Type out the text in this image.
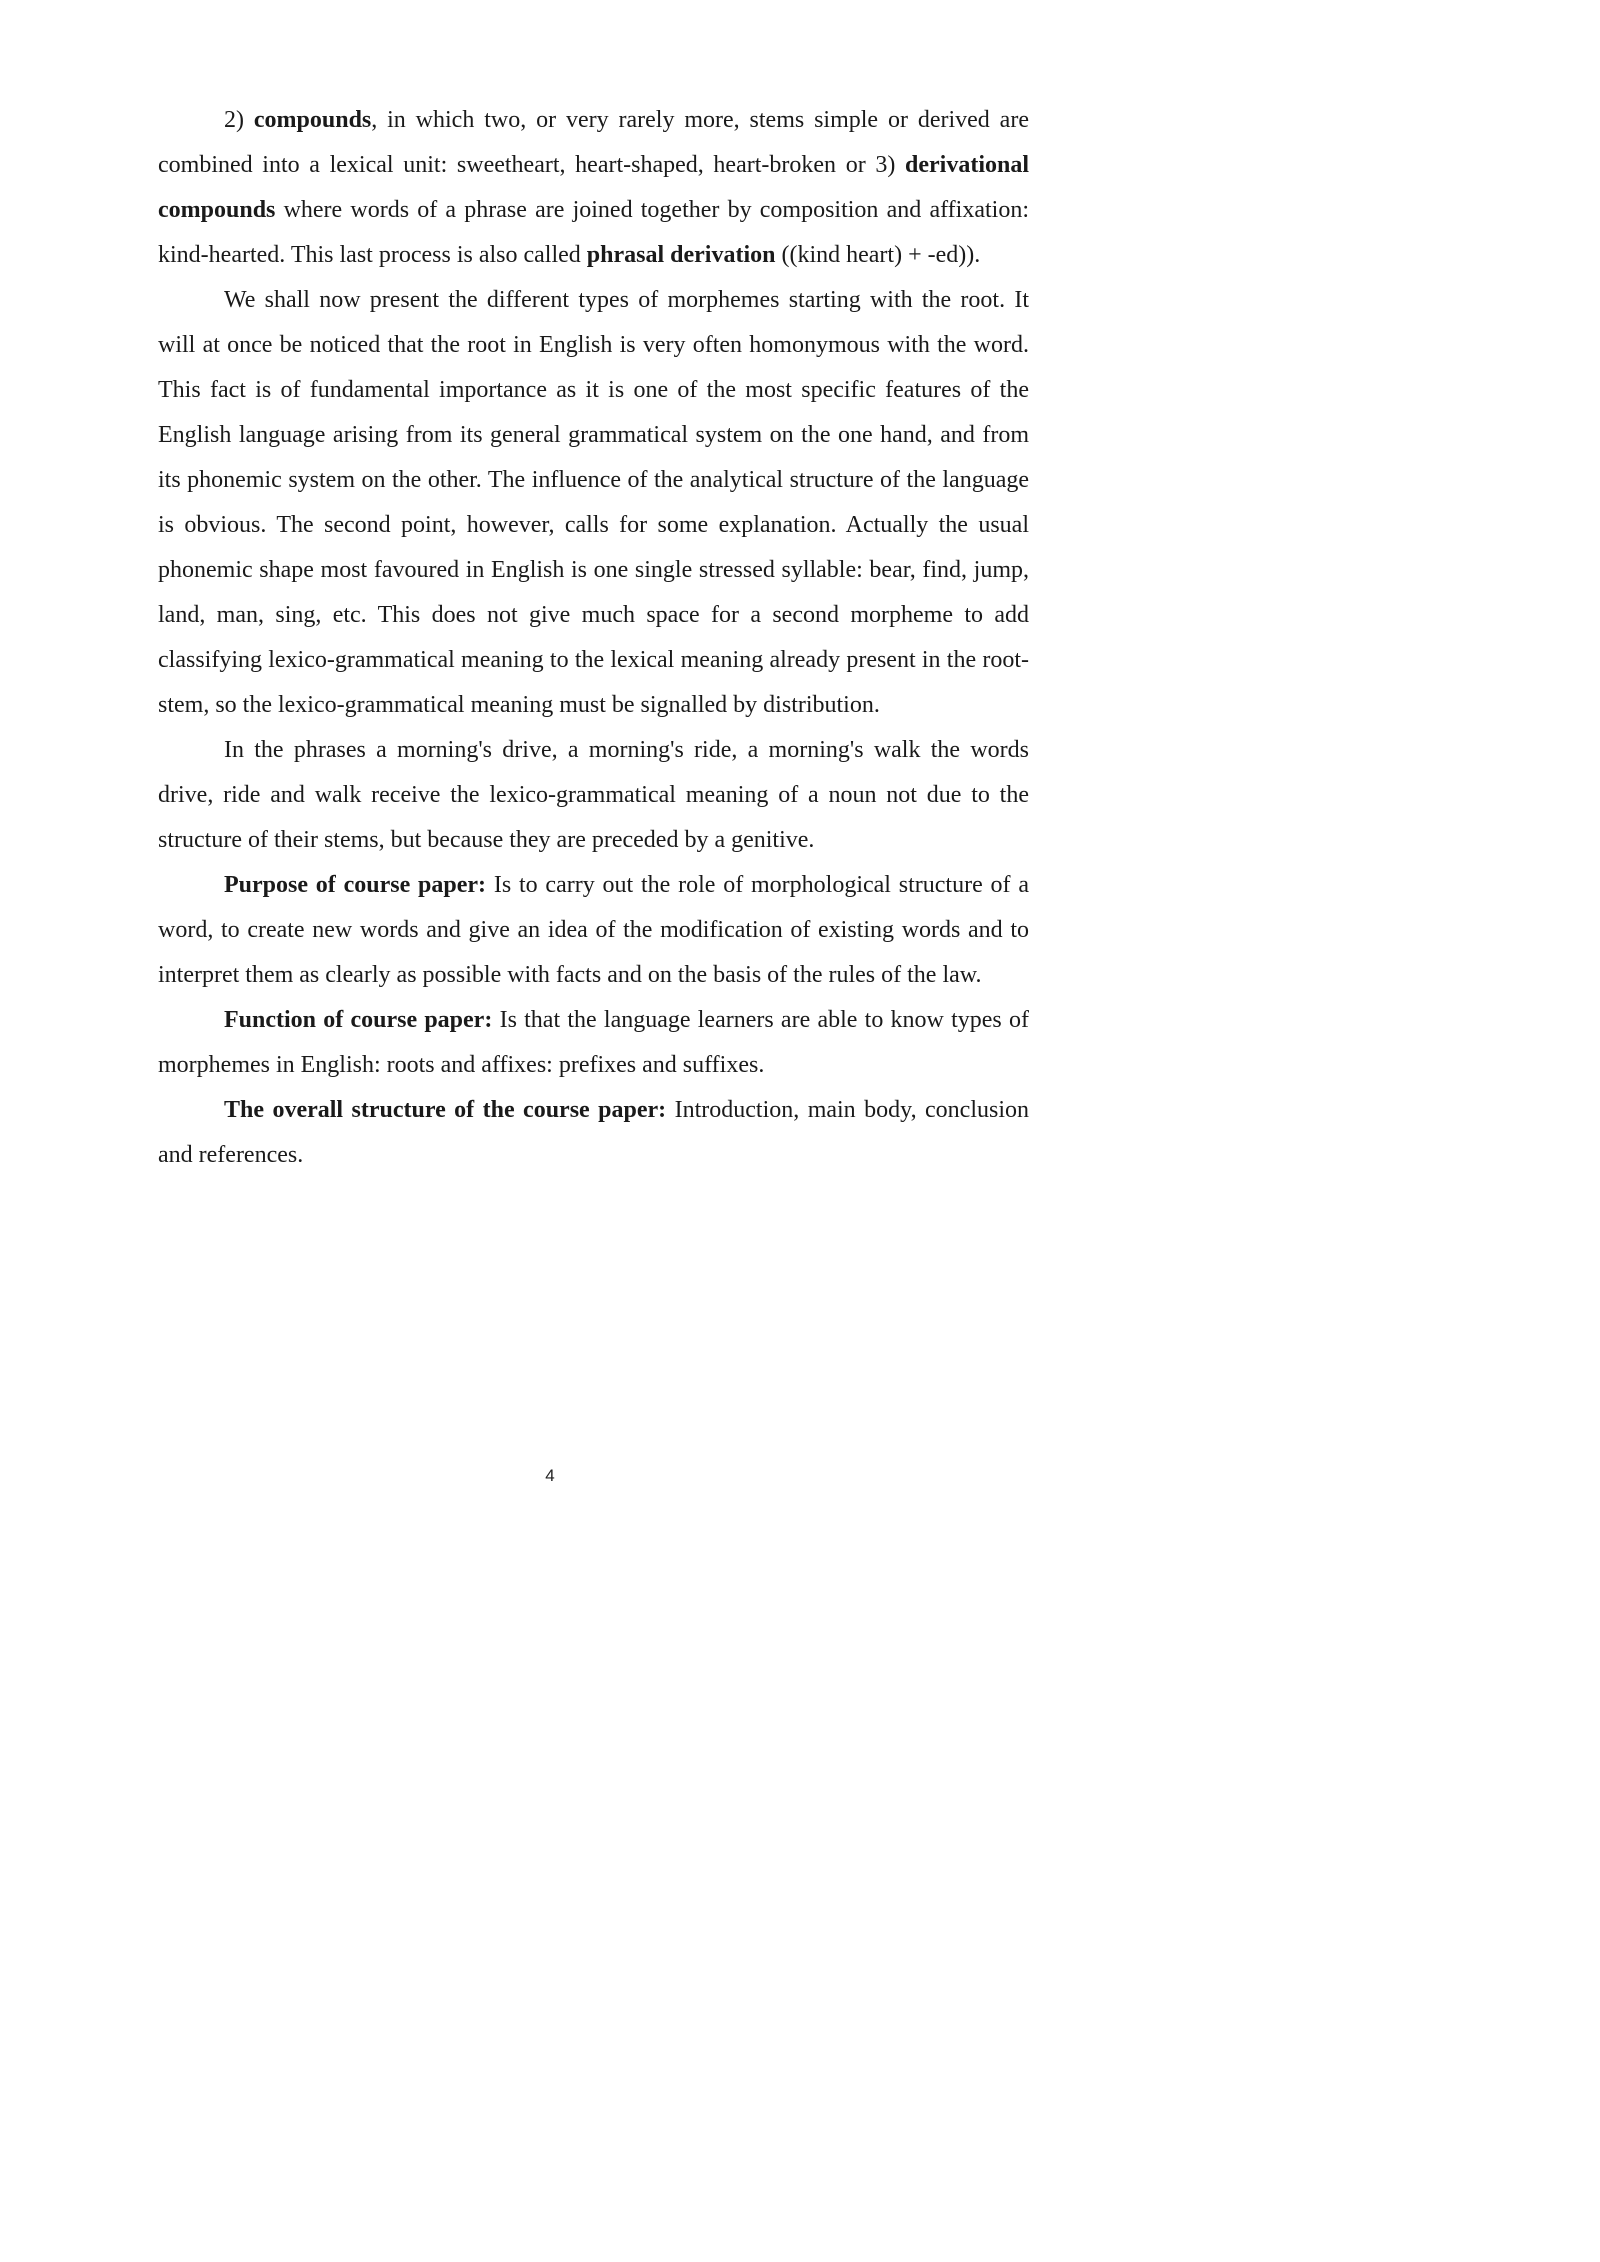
2) compounds, in which two, or very rarely more, stems simple or derived are combined into a lexical unit: sweetheart, heart-shaped, heart-broken or 3) derivational compounds where words of a phrase are joined together by composition and affixation: kind-hearted. This last process is also called phrasal derivation ((kind heart) + -ed)).

We shall now present the different types of morphemes starting with the root. It will at once be noticed that the root in English is very often homonymous with the word. This fact is of fundamental importance as it is one of the most specific features of the English language arising from its general grammatical system on the one hand, and from its phonemic system on the other. The influence of the analytical structure of the language is obvious. The second point, however, calls for some explanation. Actually the usual phonemic shape most favoured in English is one single stressed syllable: bear, find, jump, land, man, sing, etc. This does not give much space for a second morpheme to add classifying lexico-grammatical meaning to the lexical meaning already present in the root-stem, so the lexico-grammatical meaning must be signalled by distribution.

In the phrases a morning's drive, a morning's ride, a morning's walk the words drive, ride and walk receive the lexico-grammatical meaning of a noun not due to the structure of their stems, but because they are preceded by a genitive.

Purpose of course paper: Is to carry out the role of morphological structure of a word, to create new words and give an idea of the modification of existing words and to interpret them as clearly as possible with facts and on the basis of the rules of the law.

Function of course paper: Is that the language learners are able to know types of morphemes in English: roots and affixes: prefixes and suffixes.

The overall structure of the course paper: Introduction, main body, conclusion and references.

4
